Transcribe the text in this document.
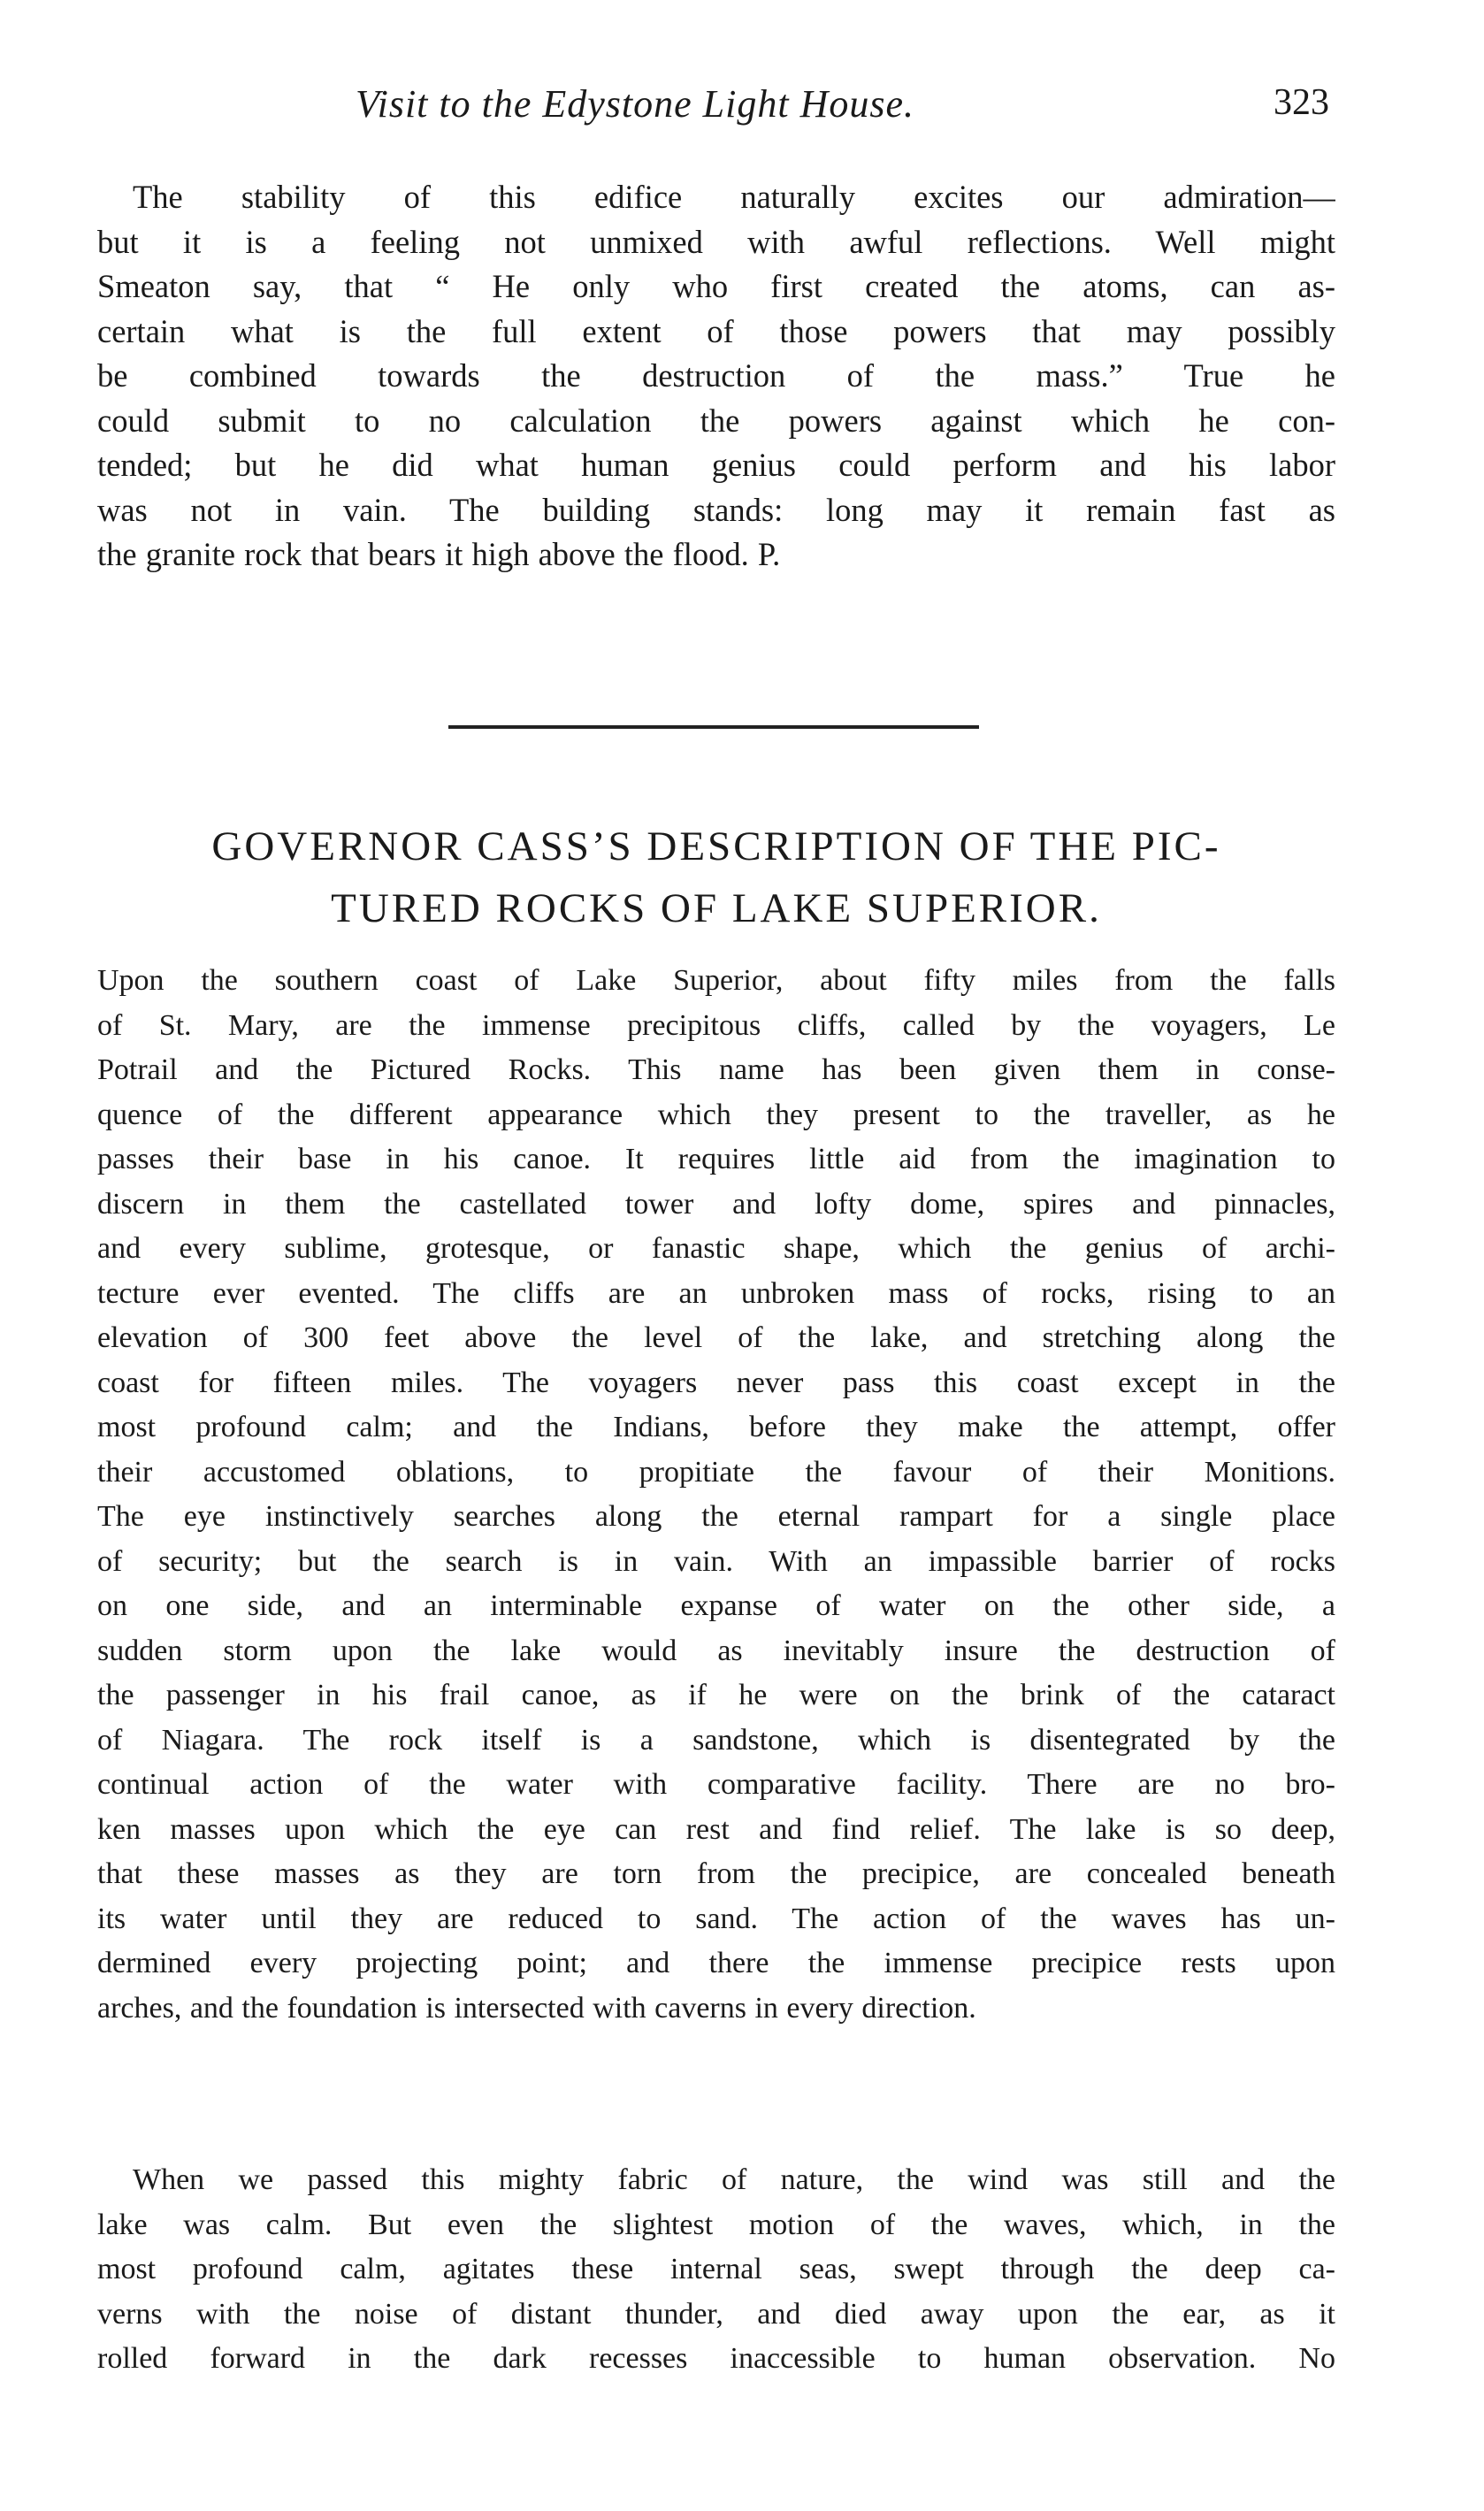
Visit to the Edystone Light House.	323
The stability of this edifice naturally excites our admiration—
but it is a feeling not unmixed with awful reflections. Well might
Smeaton say, that “ He only who first created the atoms, can as-
certain what is the full extent of those powers that may possibly
be combined towards the destruction of the mass.” True he
could submit to no calculation the powers against which he con-
tended; but he did what human genius could perform and his labor
was not in vain. The building stands: long may it remain fast as
the granite rock that bears it high above the flood. P.
GOVERNOR CASS’S DESCRIPTION OF THE PIC-
TURED ROCKS OF LAKE SUPERIOR.
Upon the southern coast of Lake Superior, about fifty miles from the falls
of St. Mary, are the immense precipitous cliffs, called by the voyagers, Le
Potrail and the Pictured Rocks. This name has been given them in conse-
quence of the different appearance which they present to the traveller, as he
passes their base in his canoe. It requires little aid from the imagination to
discern in them the castellated tower and lofty dome, spires and pinnacles,
and every sublime, grotesque, or fanastic shape, which the genius of archi-
tecture ever evented. The cliffs are an unbroken mass of rocks, rising to an
elevation of 300 feet above the level of the lake, and stretching along the
coast for fifteen miles. The voyagers never pass this coast except in the
most profound calm; and the Indians, before they make the attempt, offer
their accustomed oblations, to propitiate the favour of their Monitions.
The eye instinctively searches along the eternal rampart for a single place
of security; but the search is in vain. With an impassible barrier of rocks
on one side, and an interminable expanse of water on the other side, a
sudden storm upon the lake would as inevitably insure the destruction of
the passenger in his frail canoe, as if he were on the brink of the cataract
of Niagara. The rock itself is a sandstone, which is disentegrated by the
continual action of the water with comparative facility. There are no bro-
ken masses upon which the eye can rest and find relief. The lake is so deep,
that these masses as they are torn from the precipice, are concealed beneath
its water until they are reduced to sand. The action of the waves has un-
dermined every projecting point; and there the immense precipice rests upon
arches, and the foundation is intersected with caverns in every direction.
When we passed this mighty fabric of nature, the wind was still and the
lake was calm. But even the slightest motion of the waves, which, in the
most profound calm, agitates these internal seas, swept through the deep ca-
verns with the noise of distant thunder, and died away upon the ear, as it
rolled forward in the dark recesses inaccessible to human observation. No
